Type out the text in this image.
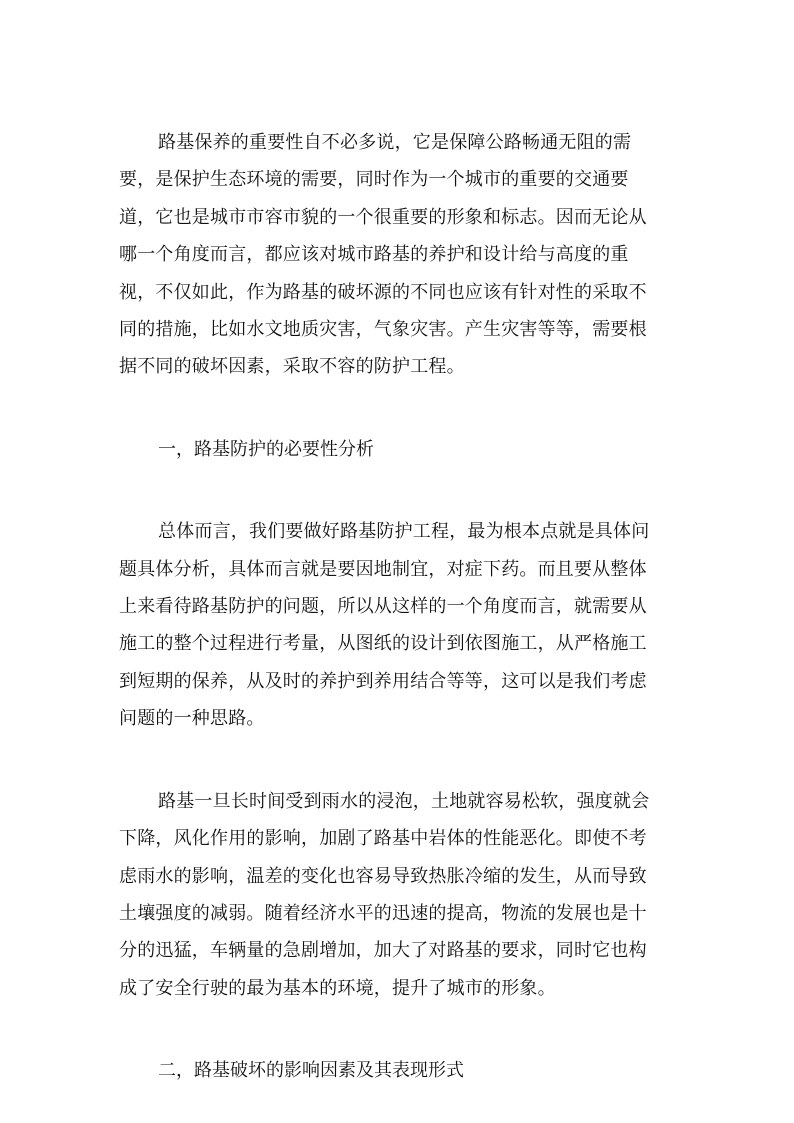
路基保养的重要性自不必多说，它是保障公路畅通无阻的需
要，是保护生态环境的需要，同时作为一个城市的重要的交通要
道，它也是城市市容市貌的一个很重要的形象和标志。因而无论从
哪一个角度而言，都应该对城市路基的养护和设计给与高度的重
视，不仅如此，作为路基的破坏源的不同也应该有针对性的采取不
同的措施，比如水文地质灾害，气象灾害。产生灾害等等，需要根
据不同的破坏因素，采取不容的防护工程。
一，路基防护的必要性分析
总体而言，我们要做好路基防护工程，最为根本点就是具体问
题具体分析，具体而言就是要因地制宜，对症下药。而且要从整体
上来看待路基防护的问题，所以从这样的一个角度而言，就需要从
施工的整个过程进行考量，从图纸的设计到依图施工，从严格施工
到短期的保养，从及时的养护到养用结合等等，这可以是我们考虑
问题的一种思路。
路基一旦长时间受到雨水的浸泡，土地就容易松软，强度就会
下降，风化作用的影响，加剧了路基中岩体的性能恶化。即使不考
虑雨水的影响，温差的变化也容易导致热胀冷缩的发生，从而导致
土壤强度的减弱。随着经济水平的迅速的提高，物流的发展也是十
分的迅猛，车辆量的急剧增加，加大了对路基的要求，同时它也构
成了安全行驶的最为基本的环境，提升了城市的形象。
二，路基破坏的影响因素及其表现形式
